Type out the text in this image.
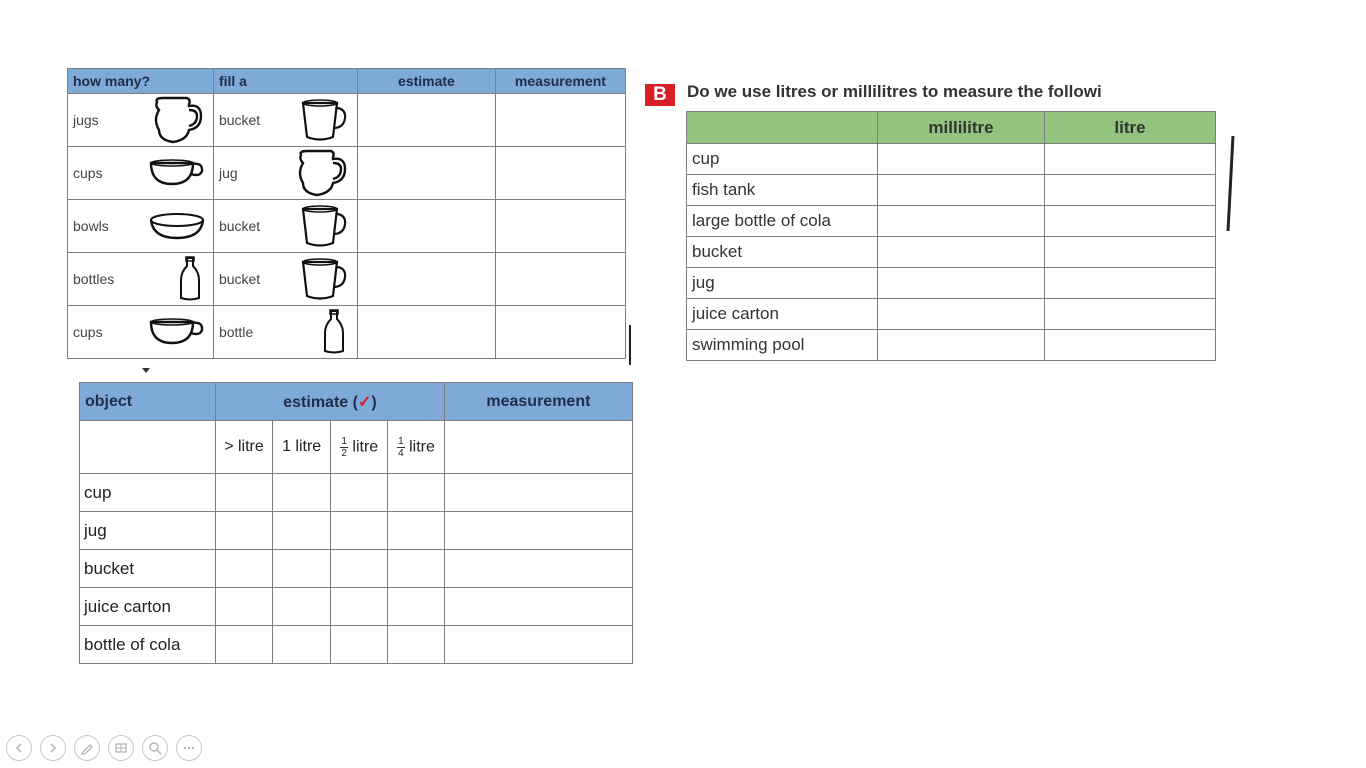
how many?	fill a	estimate	measurement

jugs	bucket		

cups	jug		

bowls	bucket		

bottles	bucket		

cups	bottle		

object	estimate (✓)				measurement
	> litre	1 litre	$\frac{1}{2}$ litre	$\frac{1}{4}$ litre	
cup					
jug					
bucket					
juice carton					
bottle of cola					
B	Do we use litres or millilitres to measure the followi
	millilitre	litre
cup		
fish tank		
large bottle of cola		
bucket		
jug		
juice carton		
swimming pool		
